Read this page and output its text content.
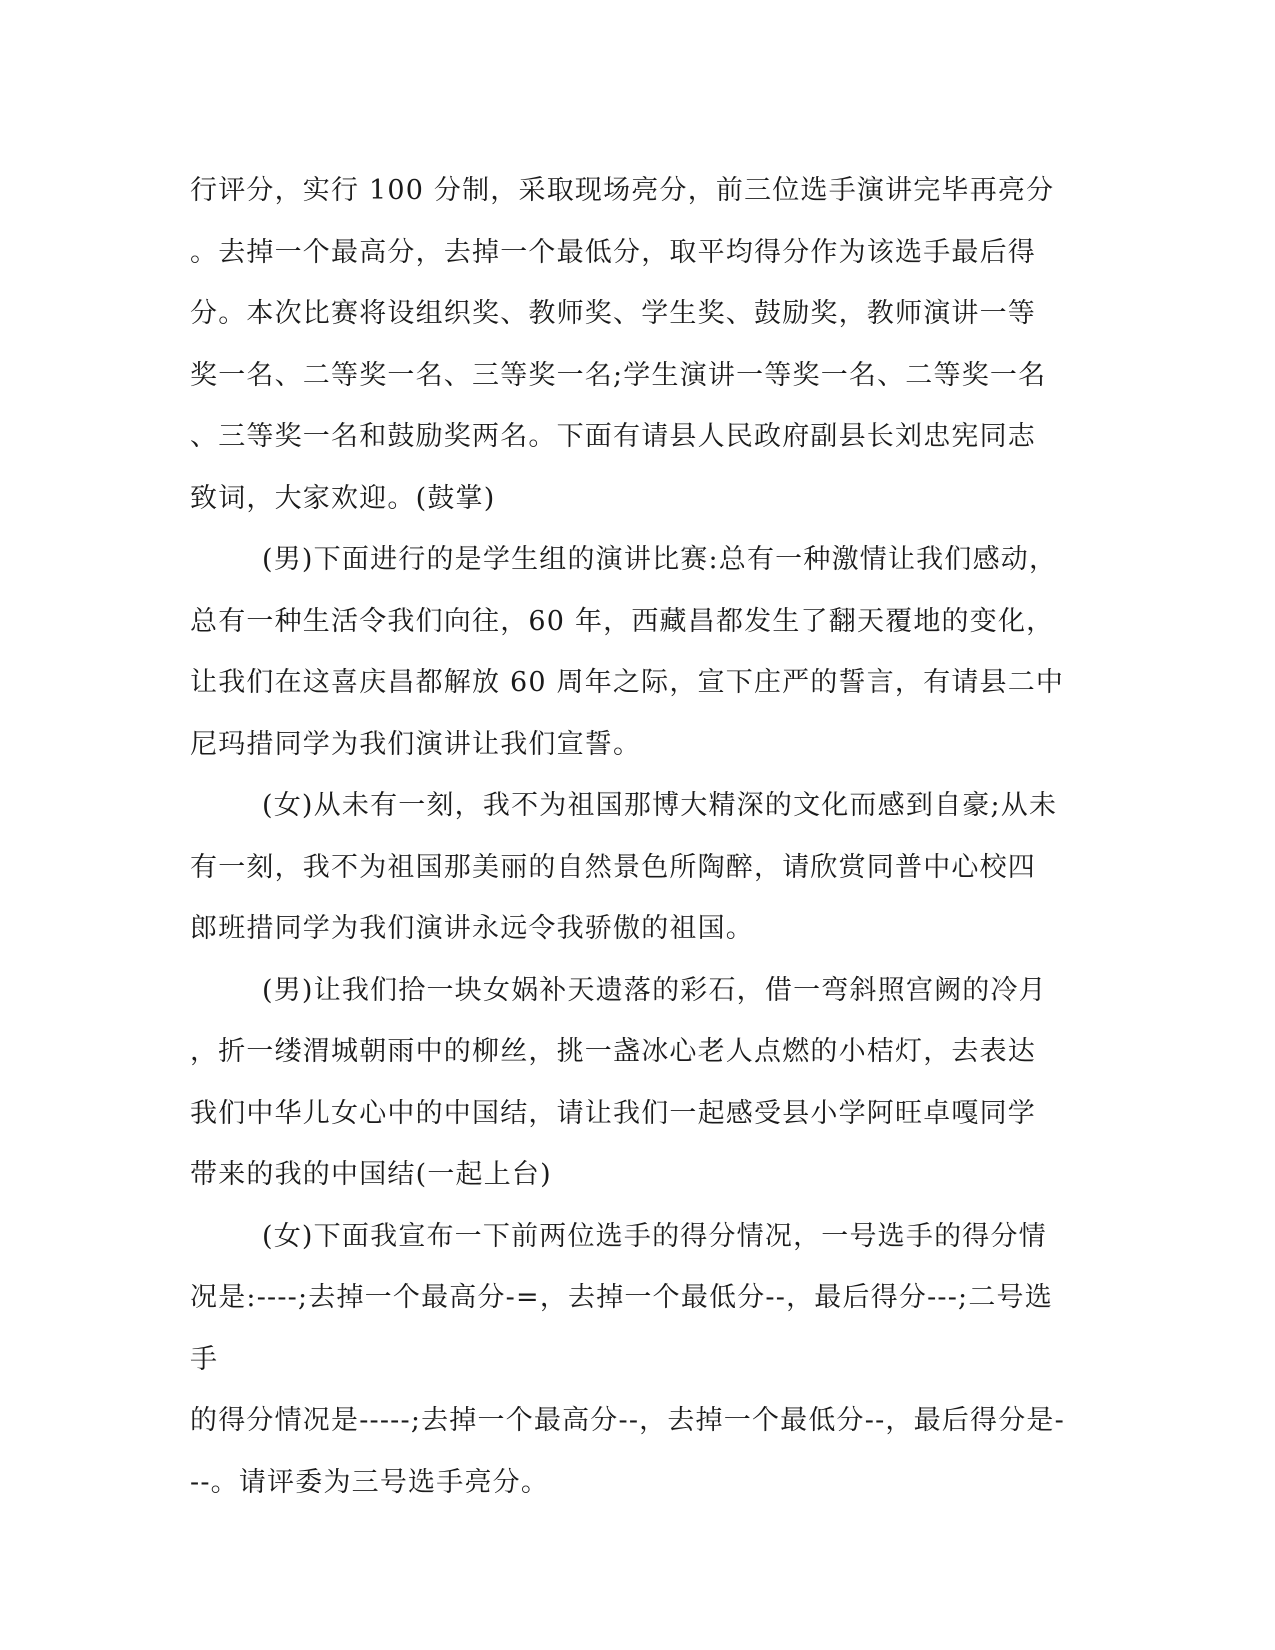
行评分，实行 100 分制，采取现场亮分，前三位选手演讲完毕再亮分
。去掉一个最高分，去掉一个最低分，取平均得分作为该选手最后得
分。本次比赛将设组织奖、教师奖、学生奖、鼓励奖，教师演讲一等
奖一名、二等奖一名、三等奖一名;学生演讲一等奖一名、二等奖一名
、三等奖一名和鼓励奖两名。下面有请县人民政府副县长刘忠宪同志
致词，大家欢迎。(鼓掌)
(男)下面进行的是学生组的演讲比赛:总有一种激情让我们感动，
总有一种生活令我们向往，60 年，西藏昌都发生了翻天覆地的变化，
让我们在这喜庆昌都解放 60 周年之际，宣下庄严的誓言，有请县二中
尼玛措同学为我们演讲让我们宣誓。
(女)从未有一刻，我不为祖国那博大精深的文化而感到自豪;从未
有一刻，我不为祖国那美丽的自然景色所陶醉，请欣赏同普中心校四
郎班措同学为我们演讲永远令我骄傲的祖国。
(男)让我们拾一块女娲补天遗落的彩石，借一弯斜照宫阙的冷月
，折一缕渭城朝雨中的柳丝，挑一盏冰心老人点燃的小桔灯，去表达
我们中华儿女心中的中国结，请让我们一起感受县小学阿旺卓嘎同学
带来的我的中国结(一起上台)
(女)下面我宣布一下前两位选手的得分情况，一号选手的得分情
况是:----;去掉一个最高分-=，去掉一个最低分--，最后得分---;二号选手
的得分情况是-----;去掉一个最高分--，去掉一个最低分--，最后得分是-
--。请评委为三号选手亮分。
